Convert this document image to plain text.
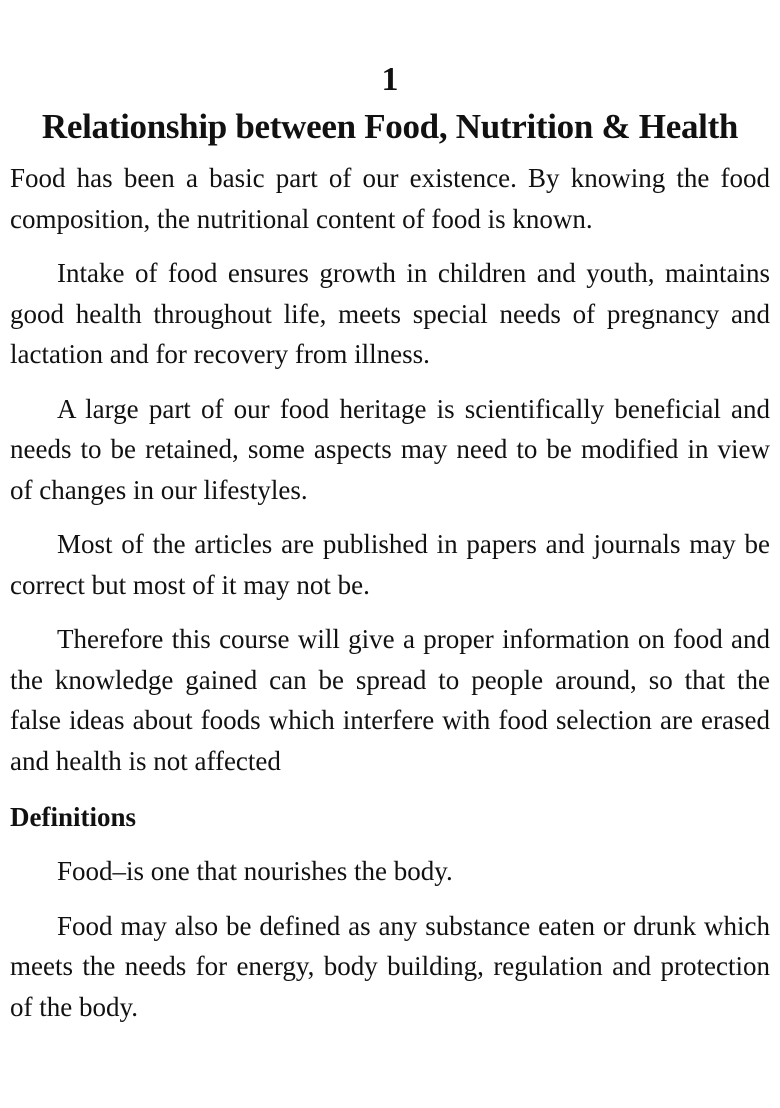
1
Relationship between Food, Nutrition & Health

Food has been a basic part of our existence. By knowing the food composition, the nutritional content of food is known.

Intake of food ensures growth in children and youth, maintains good health throughout life, meets special needs of pregnancy and lactation and for recovery from illness.

A large part of our food heritage is scientifically beneficial and needs to be retained, some aspects may need to be modified in view of changes in our lifestyles.

Most of the articles are published in papers and journals may be correct but most of it may not be.

Therefore this course will give a proper information on food and the knowledge gained can be spread to people around, so that the false ideas about foods which interfere with food selection are erased and health is not affected

Definitions

Food–is one that nourishes the body.

Food may also be defined as any substance eaten or drunk which meets the needs for energy, body building, regulation and protection of the body.
